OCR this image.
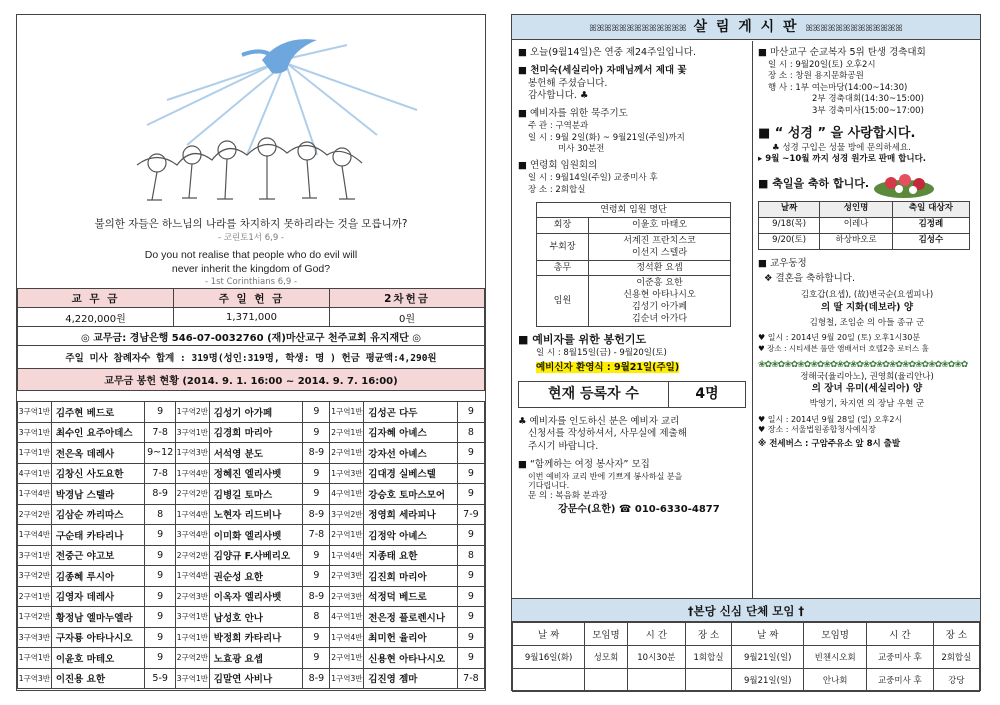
불의한 자들은 하느님의 나라를 차지하지 못하리라는 것을 모릅니까?
- 코린토1서 6,9 -
Do you not realise that people who do evil will
never inherit the kingdom of God?
- 1st Corinthians 6,9 -
교 무 금	주 일 헌 금	2차헌금
4,220,000원	1,371,000	0원
◎ 교무금: 경남은행 546-07-0032760 (재)마산교구 천주교회 유지재단 ◎		
주일 미사 참례자수 합계 : 319명(성인:319명, 학생: 명 ) 헌금 평균액:4,290원		
교무금 봉헌 현황 (2014. 9. 1. 16:00 ~ 2014. 9. 7. 16:00)		
3구역1반	김주현 베드로	9	1구역2반	김성기 아가페	9	1구역1반	김성곤 다두	9
3구역1반	최수인 요주아데스	7-8	3구역1반	김경희 마리아	9	2구역1반	김자혜 아녜스	8
1구역1반	전은옥 데레사	9~12	1구역3반	서석영 분도	8-9	2구역1반	강자선 아녜스	9
4구역1반	김창신 사도요한	7-8	1구역4반	정혜진 엘리사벳	9	1구역3반	김대경 실베스텔	9
1구역4반	박경남 스텔라	8-9	2구역2반	김병길 토마스	9	4구역1반	강승호 토마스모어	9
2구역2반	김삼순 까리따스	8	1구역4반	노현자 리드비나	8-9	3구역2반	정영희 세라피나	7-9
1구역4반	구순태 카타리나	9	3구역4반	이미화 엘리사벳	7-8	2구역1반	김정악 아녜스	9
3구역1반	전중근 야고보	9	2구역2반	김양규 F.사베리오	9	1구역4반	지종태 요한	8
3구역2반	김종혜 루시아	9	1구역4반	권순성 요한	9	2구역3반	김진희 마리아	9
2구역1반	김영자 데레사	9	2구역3반	이옥자 엘리사벳	8-9	2구역3반	석정덕 베드로	9
1구역2반	황정남 엘마누엘라	9	3구역1반	남성호 안나	8	4구역1반	전은정 플로렌시나	9
3구역3반	구자룡 아타나시오	9	1구역1반	박정희 카타리나	9	1구역4반	최미헌 율리아	9
1구역1반	이윤호 마테오	9	2구역2반	노효광 요셉	9	2구역1반	신용현 아타나시오	9
1구역3반	이진용 요한	5-9	3구역1반	김말연 사비나	8-9	1구역3반	김진영 젬마	7-8
ꕤꕤꕤꕤꕤꕤꕤꕤꕤꕤꕤꕤꕤ 살 림 게 시 판 ꕤꕤꕤꕤꕤꕤꕤꕤꕤꕤꕤꕤꕤ

■ 오늘(9월14일)은 연중 제24주일입니다.

■ 천미숙(세실리아) 자매님께서 제대 꽃

봉헌해 주셨습니다.

감사합니다. ♣

■ 예비자를 위한 묵주기도

주 관 : 구역분과

일 시 : 9월 2일(화) ~ 9월21일(주일)까지

미사 30분전

■ 연령회 임원회의

일 시 : 9월14일(주일) 교중미사 후

장 소 : 2회합실

연령회 임원 명단	
회장	이윤호 마태오
부회장	서계진 프란치스코
이선지 스텔라
총무	정석환 요셉
임원	이준흥 요한
신용현 아타나시오
김성기 아가페
김순녀 아가다

■ 예비자를 위한 봉헌기도

일 시 : 8월15일(금) - 9월20일(토)

예비신자 환영식 : 9월21일(주일)

현재 등록자 수	4명

♣ 예비자를 인도하신 분은 예비자 교리

신청서를 작성하셔서, 사무실에 제출해

주시기 바랍니다.

■ “함께하는 여정 봉사자” 모집

이번 예비자 교리 반에 기쁘게 봉사하실 분을

기다립니다.

문 의 : 복음화 분과장

강문수(요한) ☎ 010-6330-4877

■ 마산교구 순교복자 5위 탄생 경축대회

일 시 : 9월20일(토) 오후2시

장 소 : 창원 용지문화공원

행 사 : 1부 여는마당(14:00~14:30)

2부 경축대회(14:30~15:00)

3부 경축미사(15:00~17:00)

■ “ 성경 ” 을 사랑합시다.

♣ 성경 구입은 성물 방에 문의하세요.

▸ 9월 ~10월 까지 성경 원가로 판매 합니다.

■ 축일을 축하 합니다.

날짜	성인명	축일 대상자
9/18(목)	이레나	김정례
9/20(토)	하상바오로	김성수

■ 교우동정

❖ 결혼을 축하합니다.

김호갑(요셉), (故)변국순(요셉피나)

의 딸 지화(데보라) 양

김형철, 조임순 의 아들 종규 군

♥ 일시 : 2014년 9월 20일 (토) 오후1시30분

♥ 장소 : 시티세븐 풀만 앰배서더 호텔2층 로터스 홀

❀✿❀✿❀✿❀✿❀✿❀✿❀✿❀✿❀✿❀✿❀✿❀✿❀✿❀✿❀✿❀✿

정해국(율리아노), 권영희(율리안나)

의 장녀 유미(세실리아) 양

박영기, 차지연 의 장남 우현 군

♥ 일시 : 2014년 9월 28일 (일) 오후2시

♥ 장소 : 서울법원종합청사예식장

※ 전세버스 : 구암주유소 앞 8시 출발

†본당 신심 단체 모임 †
날 짜	모임명	시 간	장 소	날 짜	모임명	시 간	장 소
9월16일(화)	성모회	10시30분	1회합실	9월21일(일)	빈첸시오회	교중미사 후	2회합실
				9월21일(일)	안나회	교중미사 후	강당
